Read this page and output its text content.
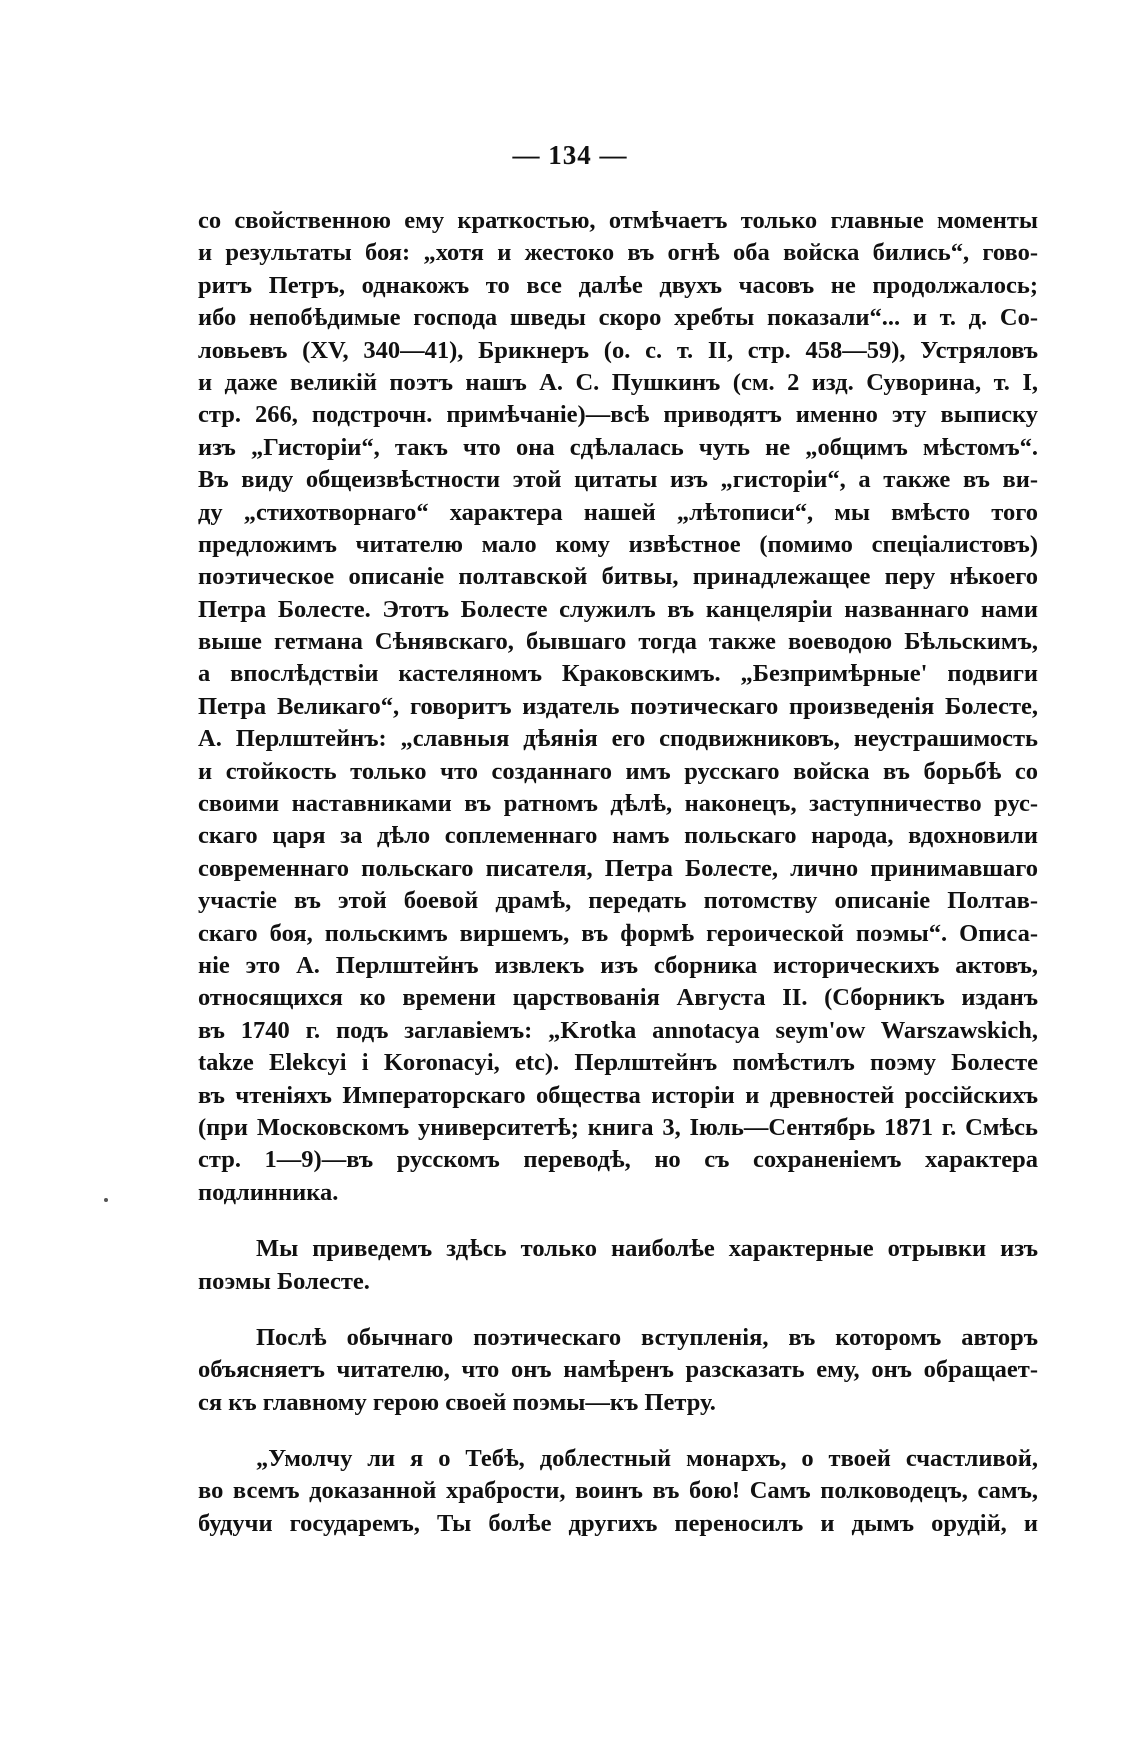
— 134 —
со свойственною ему краткостью, отмѣчаетъ только главные моменты
и результаты боя: „хотя и жестоко въ огнѣ оба войска бились“, гово-
ритъ Петръ, однакожъ то все далѣе двухъ часовъ не продолжалось;
ибо непобѣдимые господа шведы скоро хребты показали“... и т. д. Со-
ловьевъ (XV, 340—41), Брикнеръ (о. с. т. II, стр. 458—59), Устряловъ
и даже великій поэтъ нашъ А. С. Пушкинъ (см. 2 изд. Суворина, т. I,
стр. 266, подстрочн. примѣчаніе)—всѣ приводятъ именно эту выписку
изъ „Гисторіи“, такъ что она сдѣлалась чуть не „общимъ мѣстомъ“.
Въ виду общеизвѣстности этой цитаты изъ „гисторіи“, а также въ ви-
ду „стихотворнаго“ характера нашей „лѣтописи“, мы вмѣсто того
предложимъ читателю мало кому извѣстное (помимо спеціалистовъ)
поэтическое описаніе полтавской битвы, принадлежащее перу нѣкоего
Петра Болесте. Этотъ Болесте служилъ въ канцеляріи названнаго нами
выше гетмана Сѣнявскаго, бывшаго тогда также воеводою Бѣльскимъ,
а впослѣдствіи кастеляномъ Краковскимъ. „Безпримѣрные' подвиги
Петра Великаго“, говоритъ издатель поэтическаго произведенія Болесте,
А. Перлштейнъ: „славныя дѣянія его сподвижниковъ, неустрашимость
и стойкость только что созданнаго имъ русскаго войска въ борьбѣ со
своими наставниками въ ратномъ дѣлѣ, наконецъ, заступничество рус-
скаго царя за дѣло соплеменнаго намъ польскаго народа, вдохновили
современнаго польскаго писателя, Петра Болесте, лично принимавшаго
участіе въ этой боевой драмѣ, передать потомству описаніе Полтав-
скаго боя, польскимъ виршемъ, въ формѣ героической поэмы“. Описа-
ніе это А. Перлштейнъ извлекъ изъ сборника историческихъ актовъ,
относящихся ко времени царствованія Августа II. (Сборникъ изданъ
въ 1740 г. подъ заглавіемъ: „Krotka annotacya seym'ow Warszawskich,
takze Elekcyi i Koronacyi, etc). Перлштейнъ помѣстилъ поэму Болесте
въ чтеніяхъ Императорскаго общества исторіи и древностей россійскихъ
(при Московскомъ университетѣ; книга 3, Іюль—Сентябрь 1871 г. Смѣсь
стр. 1—9)—въ русскомъ переводѣ, но съ сохраненіемъ характера
подлинника.
Мы приведемъ здѣсь только наиболѣе характерные отрывки изъ
поэмы Болесте.
Послѣ обычнаго поэтическаго вступленія, въ которомъ авторъ
объясняетъ читателю, что онъ намѣренъ разсказать ему, онъ обращает-
ся къ главному герою своей поэмы—къ Петру.
„Умолчу ли я о Тебѣ, доблестный монархъ, о твоей счастливой,
во всемъ доказанной храбрости, воинъ въ бою! Самъ полководецъ, самъ,
будучи государемъ, Ты болѣе другихъ переносилъ и дымъ орудій, и
